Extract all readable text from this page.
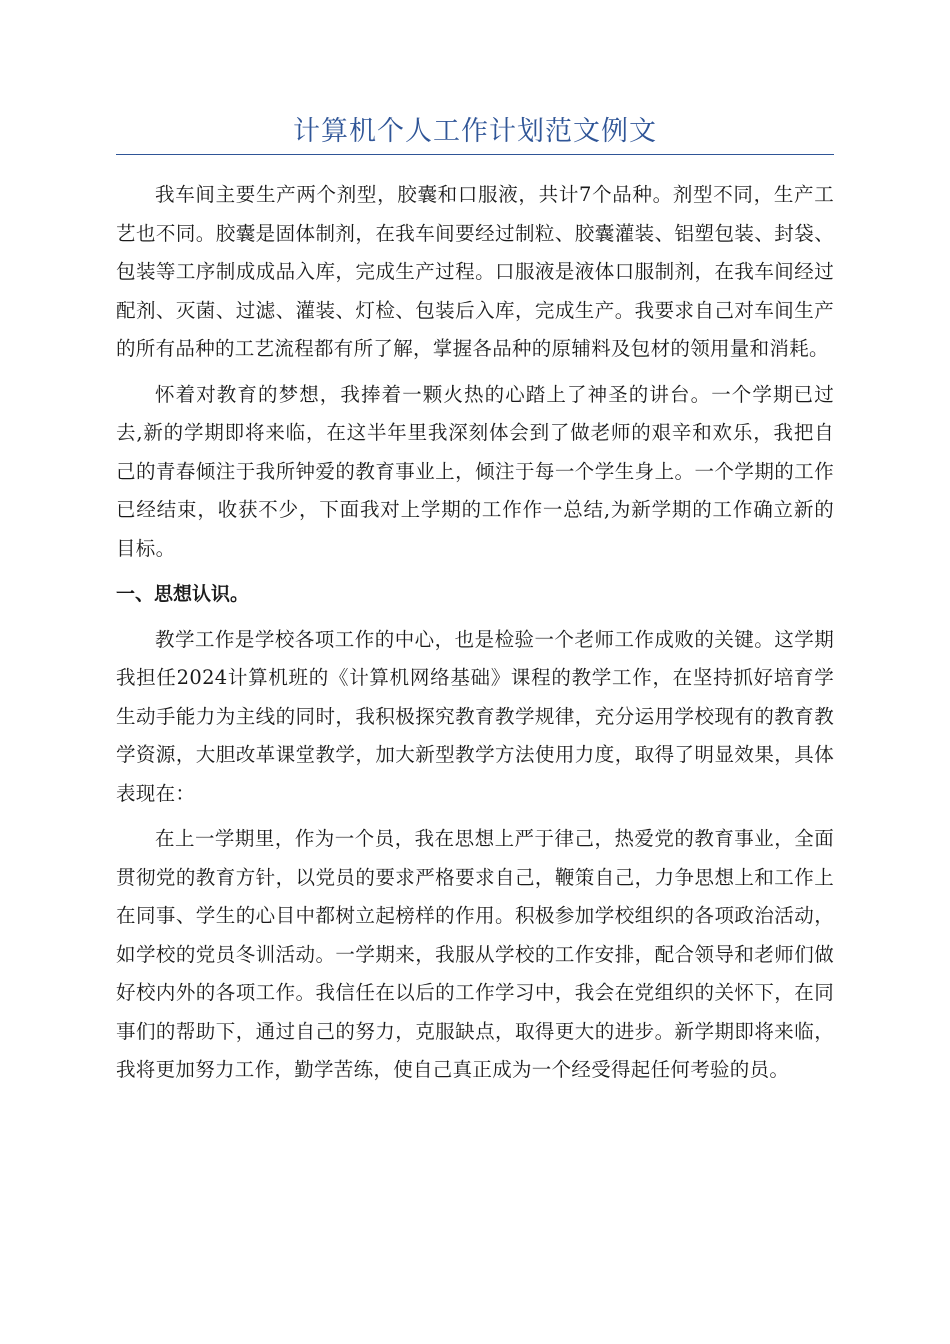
计算机个人工作计划范文例文

我车间主要生产两个剂型，胶囊和口服液，共计7个品种。剂型不同，生产工艺也不同。胶囊是固体制剂，在我车间要经过制粒、胶囊灌装、铝塑包装、封袋、包装等工序制成成品入库，完成生产过程。口服液是液体口服制剂，在我车间经过配剂、灭菌、过滤、灌装、灯检、包装后入库，完成生产。我要求自己对车间生产的所有品种的工艺流程都有所了解，掌握各品种的原辅料及包材的领用量和消耗。

怀着对教育的梦想，我捧着一颗火热的心踏上了神圣的讲台。一个学期已过去,新的学期即将来临，在这半年里我深刻体会到了做老师的艰辛和欢乐，我把自己的青春倾注于我所钟爱的教育事业上，倾注于每一个学生身上。一个学期的工作已经结束，收获不少，下面我对上学期的工作作一总结,为新学期的工作确立新的目标。

一、思想认识。

教学工作是学校各项工作的中心，也是检验一个老师工作成败的关键。这学期我担任2024计算机班的《计算机网络基础》课程的教学工作，在坚持抓好培育学生动手能力为主线的同时，我积极探究教育教学规律，充分运用学校现有的教育教学资源，大胆改革课堂教学，加大新型教学方法使用力度，取得了明显效果，具体表现在：

在上一学期里，作为一个员，我在思想上严于律己，热爱党的教育事业，全面贯彻党的教育方针，以党员的要求严格要求自己，鞭策自己，力争思想上和工作上在同事、学生的心目中都树立起榜样的作用。积极参加学校组织的各项政治活动，如学校的党员冬训活动。一学期来，我服从学校的工作安排，配合领导和老师们做好校内外的各项工作。我信任在以后的工作学习中，我会在党组织的关怀下，在同事们的帮助下，通过自己的努力，克服缺点，取得更大的进步。新学期即将来临，我将更加努力工作，勤学苦练，使自己真正成为一个经受得起任何考验的员。
